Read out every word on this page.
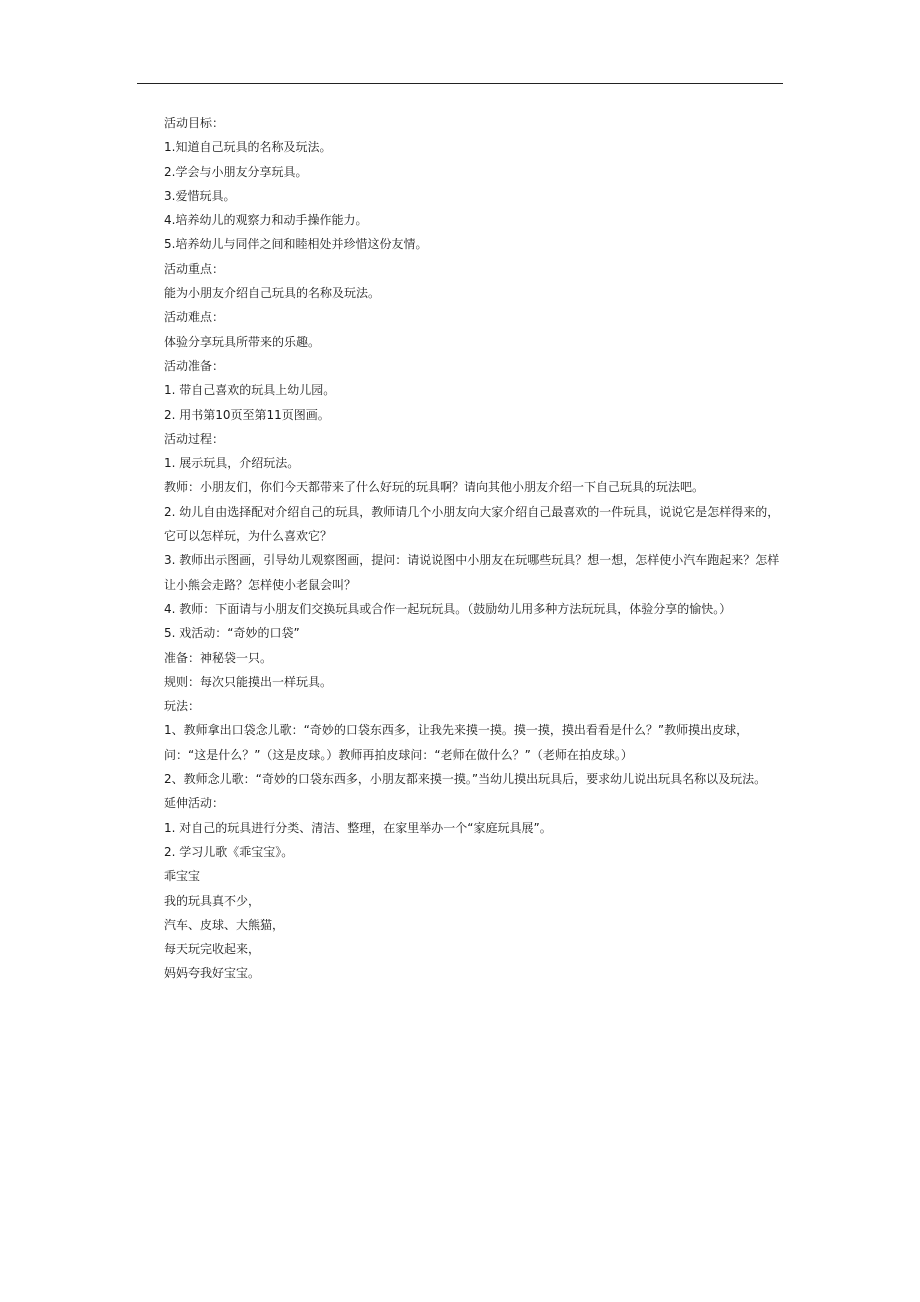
活动目标：
1.知道自己玩具的名称及玩法。
2.学会与小朋友分享玩具。
3.爱惜玩具。
4.培养幼儿的观察力和动手操作能力。
5.培养幼儿与同伴之间和睦相处并珍惜这份友情。
活动重点：
能为小朋友介绍自己玩具的名称及玩法。
活动难点：
体验分享玩具所带来的乐趣。
活动准备：
1. 带自己喜欢的玩具上幼儿园。
2. 用书第10页至第11页图画。
活动过程：
1. 展示玩具，介绍玩法。
教师：小朋友们，你们今天都带来了什么好玩的玩具啊？请向其他小朋友介绍一下自己玩具的玩法吧。
2. 幼儿自由选择配对介绍自己的玩具，教师请几个小朋友向大家介绍自己最喜欢的一件玩具，说说它是怎样得来的，它可以怎样玩，为什么喜欢它？
3. 教师出示图画，引导幼儿观察图画，提问：请说说图中小朋友在玩哪些玩具？想一想，怎样使小汽车跑起来？怎样让小熊会走路？怎样使小老鼠会叫？
4. 教师：下面请与小朋友们交换玩具或合作一起玩玩具。（鼓励幼儿用多种方法玩玩具，体验分享的愉快。）
5. 戏活动：“奇妙的口袋”
准备：神秘袋一只。
规则：每次只能摸出一样玩具。
玩法：
1、教师拿出口袋念儿歌：“奇妙的口袋东西多，让我先来摸一摸。摸一摸，摸出看看是什么？”教师摸出皮球，问：“这是什么？”（这是皮球。）教师再拍皮球问：“老师在做什么？”（老师在拍皮球。）
2、教师念儿歌：“奇妙的口袋东西多，小朋友都来摸一摸。”当幼儿摸出玩具后，要求幼儿说出玩具名称以及玩法。
延伸活动：
1. 对自己的玩具进行分类、清洁、整理，在家里举办一个“家庭玩具展”。
2. 学习儿歌《乖宝宝》。
乖宝宝
我的玩具真不少，
汽车、皮球、大熊猫，
每天玩完收起来，
妈妈夸我好宝宝。
